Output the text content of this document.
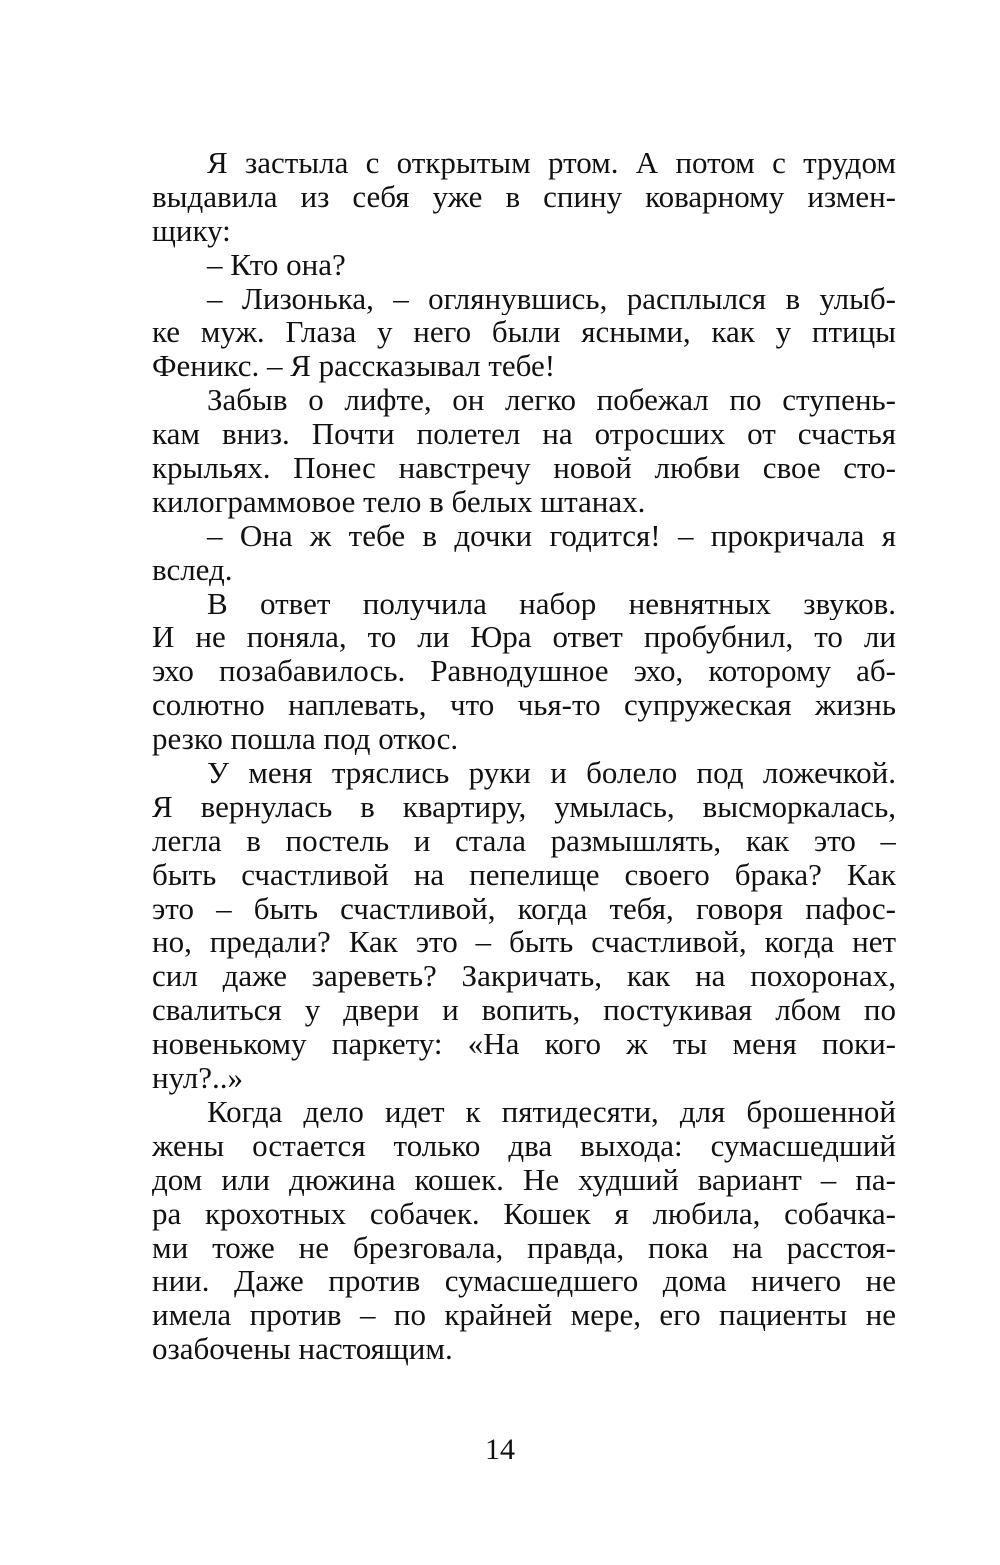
Я застыла с открытым ртом. А потом с трудом
выдавила из себя уже в спину коварному измен-
щику:
– Кто она?
– Лизонька, – оглянувшись, расплылся в улыб-
ке муж. Глаза у него были ясными, как у птицы
Феникс. – Я рассказывал тебе!
Забыв о лифте, он легко побежал по ступень-
кам вниз. Почти полетел на отросших от счастья
крыльях. Понес навстречу новой любви свое сто-
килограммовое тело в белых штанах.
– Она ж тебе в дочки годится! – прокричала я
вслед.
В ответ получила набор невнятных звуков.
И не поняла, то ли Юра ответ пробубнил, то ли
эхо позабавилось. Равнодушное эхо, которому аб-
солютно наплевать, что чья-то супружеская жизнь
резко пошла под откос.
У меня тряслись руки и болело под ложечкой.
Я вернулась в квартиру, умылась, высморкалась,
легла в постель и стала размышлять, как это –
быть счастливой на пепелище своего брака? Как
это – быть счастливой, когда тебя, говоря пафос-
но, предали? Как это – быть счастливой, когда нет
сил даже зареветь? Закричать, как на похоронах,
свалиться у двери и вопить, постукивая лбом по
новенькому паркету: «На кого ж ты меня поки-
нул?..»
Когда дело идет к пятидесяти, для брошенной
жены остается только два выхода: сумасшедший
дом или дюжина кошек. Не худший вариант – па-
ра крохотных собачек. Кошек я любила, собачка-
ми тоже не брезговала, правда, пока на расстоя-
нии. Даже против сумасшедшего дома ничего не
имела против – по крайней мере, его пациенты не
озабочены настоящим.
14
